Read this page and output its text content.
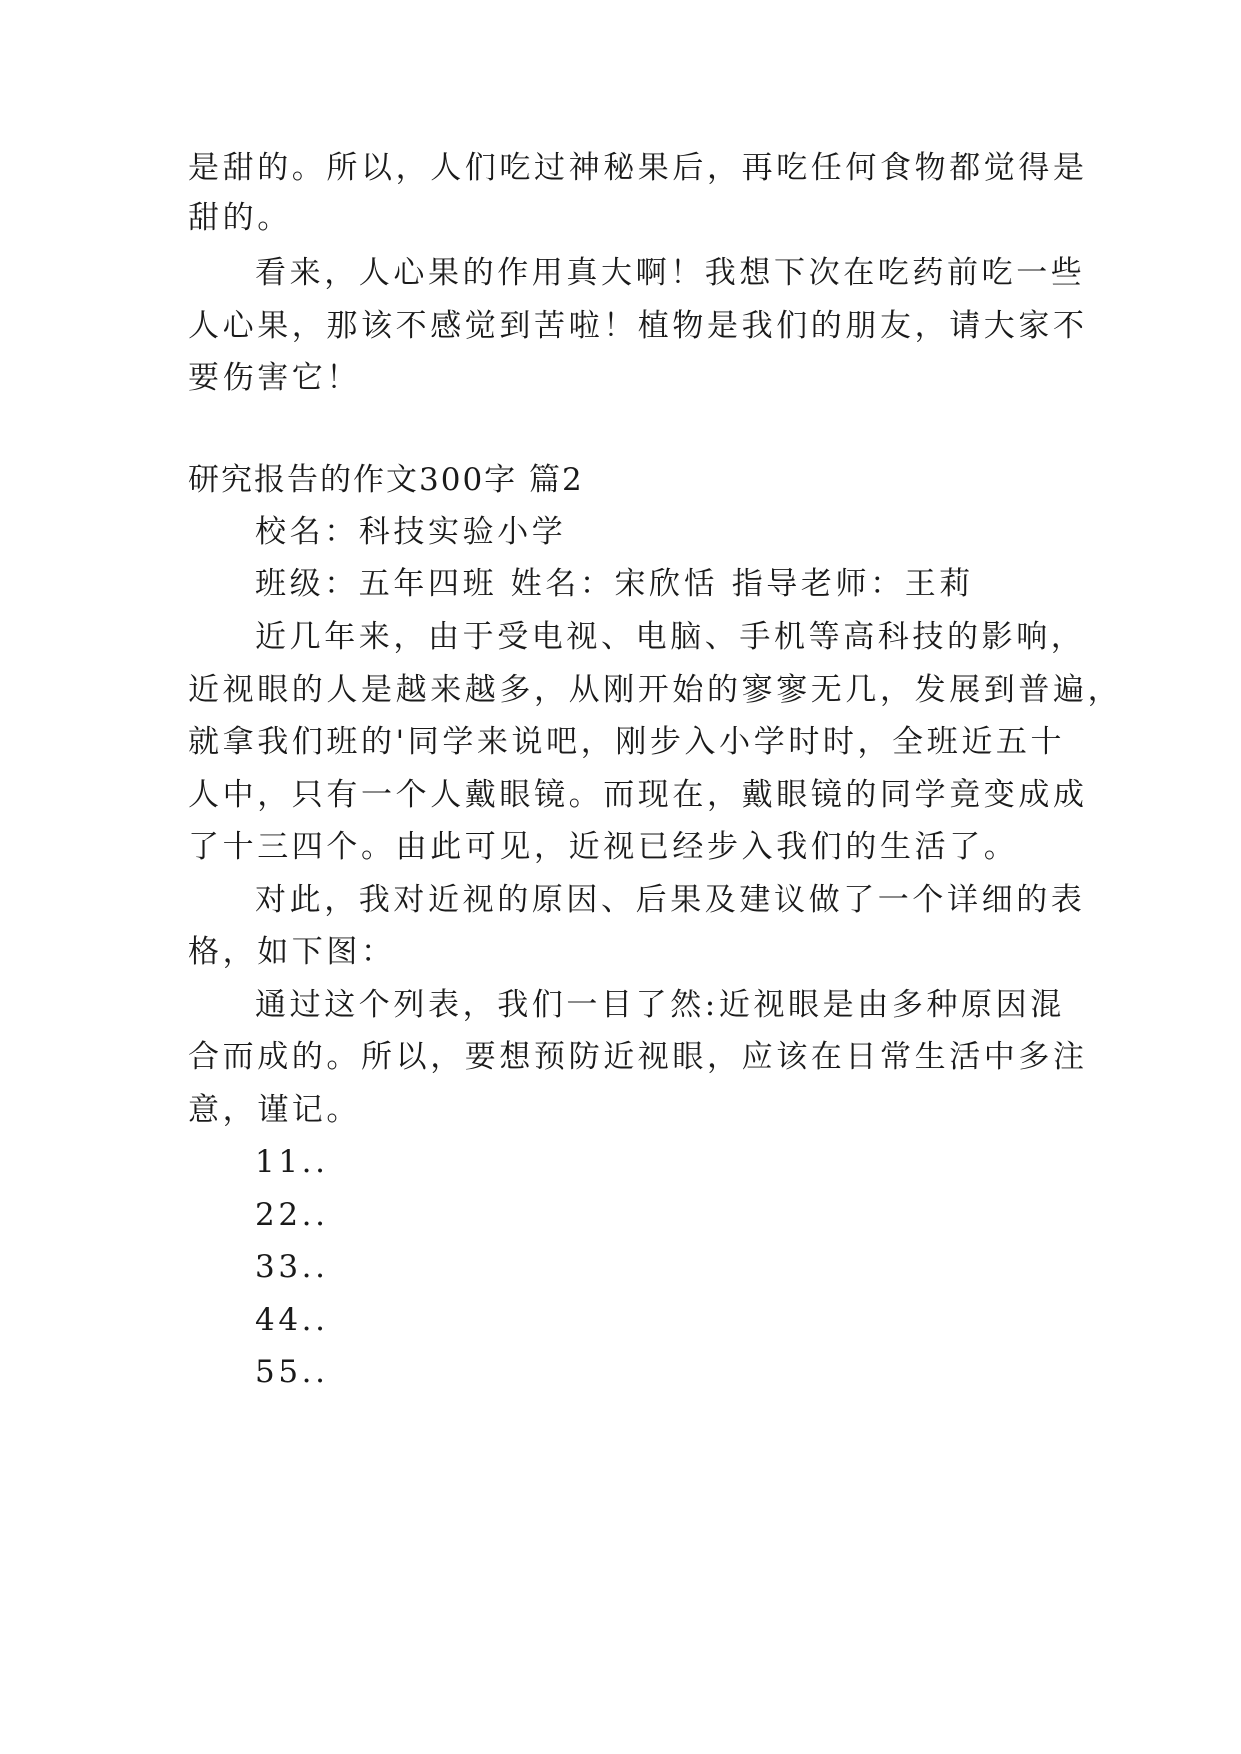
是甜的。所以，人们吃过神秘果后，再吃任何食物都觉得是
甜的。
看来，人心果的作用真大啊！我想下次在吃药前吃一些
人心果，那该不感觉到苦啦！植物是我们的朋友，请大家不
要伤害它！
研究报告的作文300字 篇2
校名：科技实验小学
班级：五年四班 姓名：宋欣恬 指导老师：王莉
近几年来，由于受电视、电脑、手机等高科技的影响，
近视眼的人是越来越多，从刚开始的寥寥无几，发展到普遍，
就拿我们班的'同学来说吧，刚步入小学时时，全班近五十
人中，只有一个人戴眼镜。而现在，戴眼镜的同学竟变成成
了十三四个。由此可见，近视已经步入我们的生活了。
对此，我对近视的原因、后果及建议做了一个详细的表
格，如下图：
通过这个列表，我们一目了然:近视眼是由多种原因混
合而成的。所以，要想预防近视眼，应该在日常生活中多注
意，谨记。
11..
22..
33..
44..
55..
